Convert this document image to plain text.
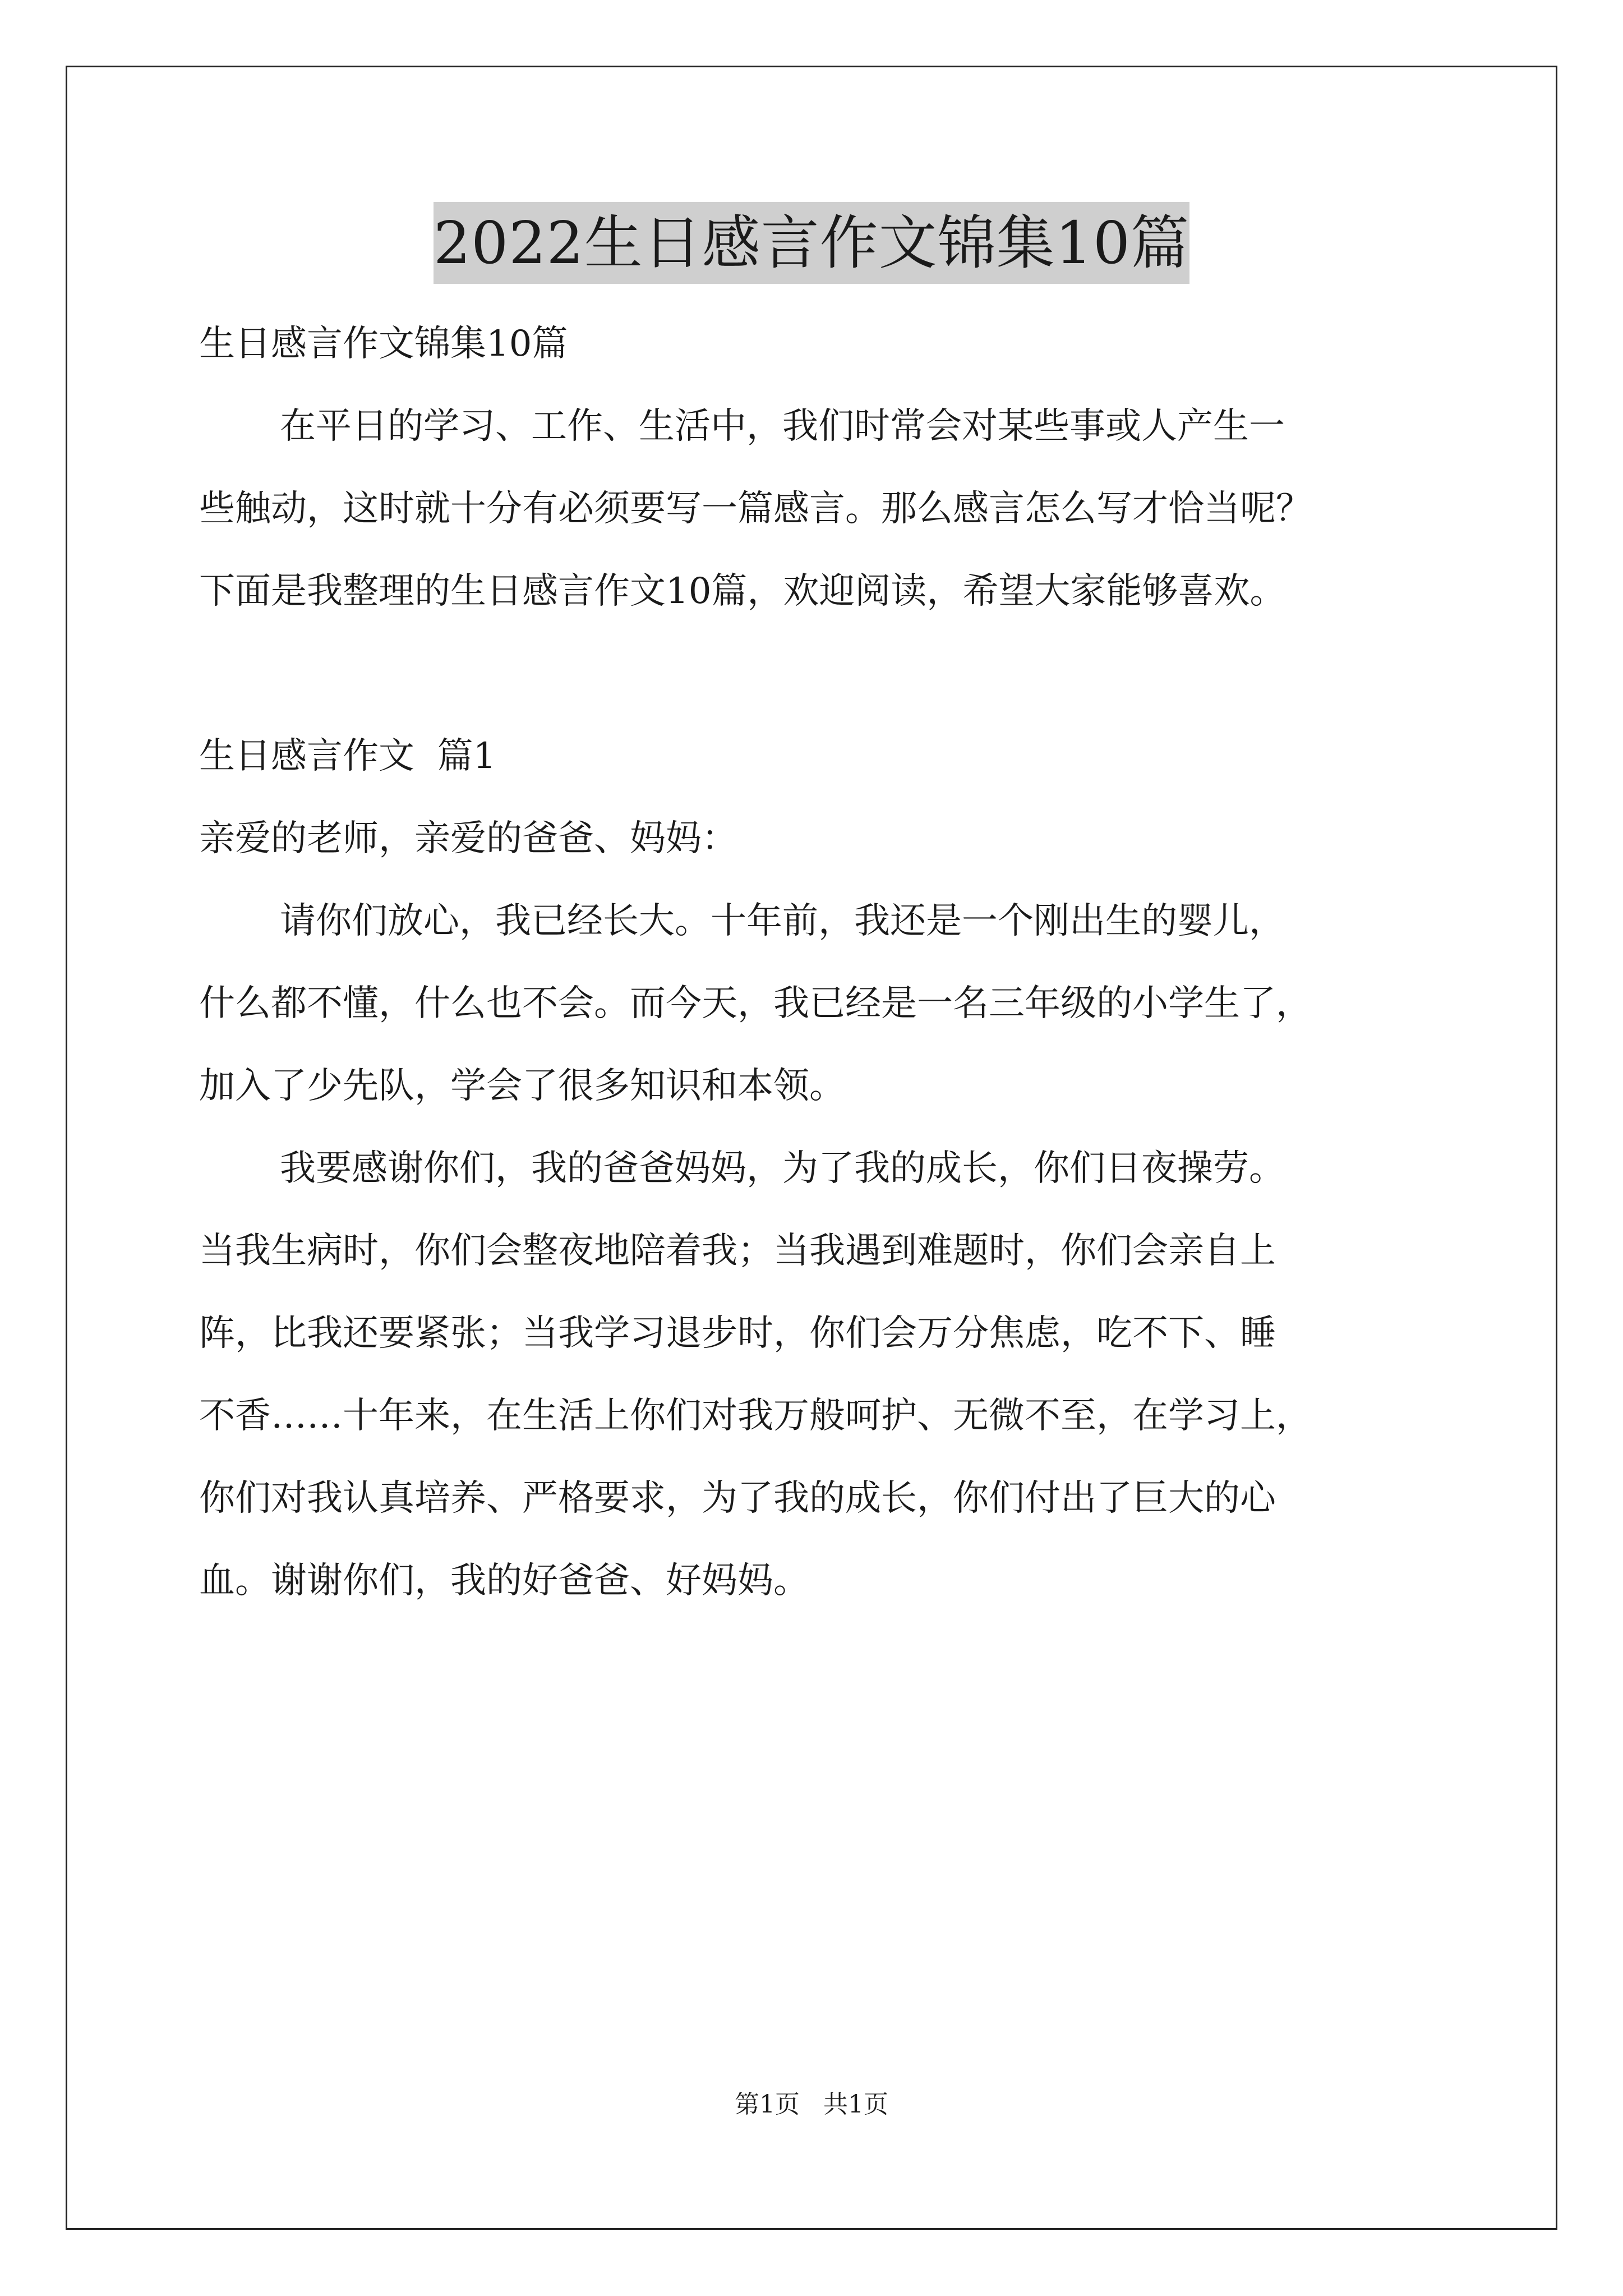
2022生日感言作文锦集10篇
生日感言作文锦集10篇
在平日的学习、工作、生活中，我们时常会对某些事或人产生一
些触动，这时就十分有必须要写一篇感言。那么感言怎么写才恰当呢？
下面是我整理的生日感言作文10篇，欢迎阅读，希望大家能够喜欢。
生日感言作文  篇1
亲爱的老师，亲爱的爸爸、妈妈：
请你们放心，我已经长大。十年前，我还是一个刚出生的婴儿，
什么都不懂，什么也不会。而今天，我已经是一名三年级的小学生了，
加入了少先队，学会了很多知识和本领。
我要感谢你们，我的爸爸妈妈，为了我的成长，你们日夜操劳。
当我生病时，你们会整夜地陪着我；当我遇到难题时，你们会亲自上
阵，比我还要紧张；当我学习退步时，你们会万分焦虑，吃不下、睡
不香……十年来，在生活上你们对我万般呵护、无微不至，在学习上，
你们对我认真培养、严格要求，为了我的成长，你们付出了巨大的心
血。谢谢你们，我的好爸爸、好妈妈。
第1页   共1页
